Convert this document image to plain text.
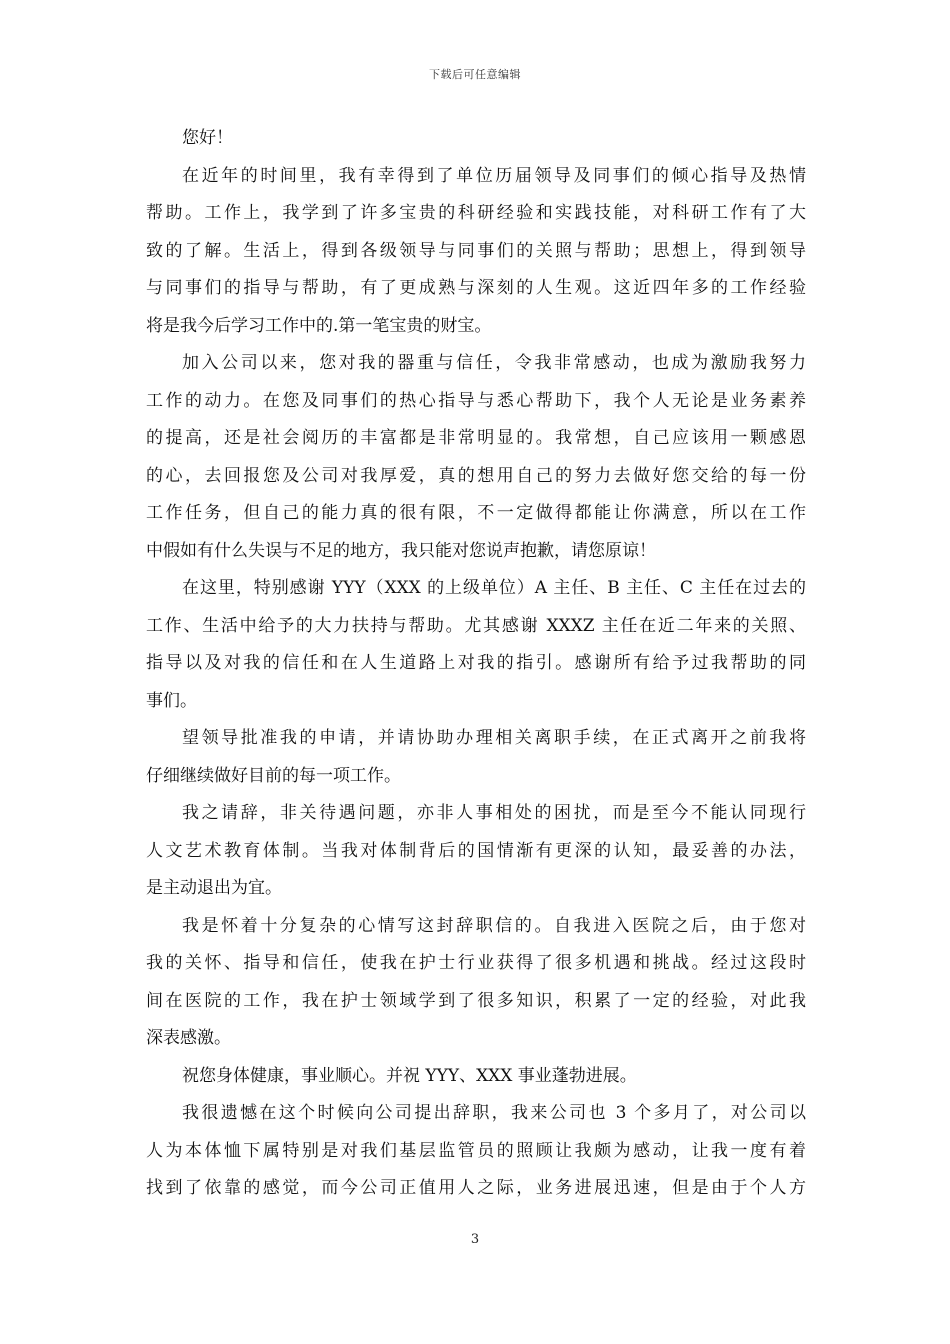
下载后可任意编辑
您好！
在近年的时间里，我有幸得到了单位历届领导及同事们的倾心指导及热情
帮助。工作上，我学到了许多宝贵的科研经验和实践技能，对科研工作有了大
致的了解。生活上，得到各级领导与同事们的关照与帮助；思想上，得到领导
与同事们的指导与帮助，有了更成熟与深刻的人生观。这近四年多的工作经验
将是我今后学习工作中的.第一笔宝贵的财宝。
加入公司以来，您对我的器重与信任，令我非常感动，也成为激励我努力
工作的动力。在您及同事们的热心指导与悉心帮助下，我个人无论是业务素养
的提高，还是社会阅历的丰富都是非常明显的。我常想，自己应该用一颗感恩
的心，去回报您及公司对我厚爱，真的想用自己的努力去做好您交给的每一份
工作任务，但自己的能力真的很有限，不一定做得都能让你满意，所以在工作
中假如有什么失误与不足的地方，我只能对您说声抱歉，请您原谅！
在这里，特别感谢 YYY（XXX 的上级单位）A 主任、B 主任、C 主任在过去的
工作、生活中给予的大力扶持与帮助。尤其感谢 XXXZ 主任在近二年来的关照、
指导以及对我的信任和在人生道路上对我的指引。感谢所有给予过我帮助的同
事们。
望领导批准我的申请，并请协助办理相关离职手续，在正式离开之前我将
仔细继续做好目前的每一项工作。
我之请辞，非关待遇问题，亦非人事相处的困扰，而是至今不能认同现行
人文艺术教育体制。当我对体制背后的国情渐有更深的认知，最妥善的办法，
是主动退出为宜。
我是怀着十分复杂的心情写这封辞职信的。自我进入医院之后，由于您对
我的关怀、指导和信任，使我在护士行业获得了很多机遇和挑战。经过这段时
间在医院的工作，我在护士领域学到了很多知识，积累了一定的经验，对此我
深表感激。
祝您身体健康，事业顺心。并祝 YYY、XXX 事业蓬勃进展。
我很遗憾在这个时候向公司提出辞职，我来公司也 3 个多月了，对公司以
人为本体恤下属特别是对我们基层监管员的照顾让我颇为感动，让我一度有着
找到了依靠的感觉，而今公司正值用人之际，业务进展迅速，但是由于个人方
3
